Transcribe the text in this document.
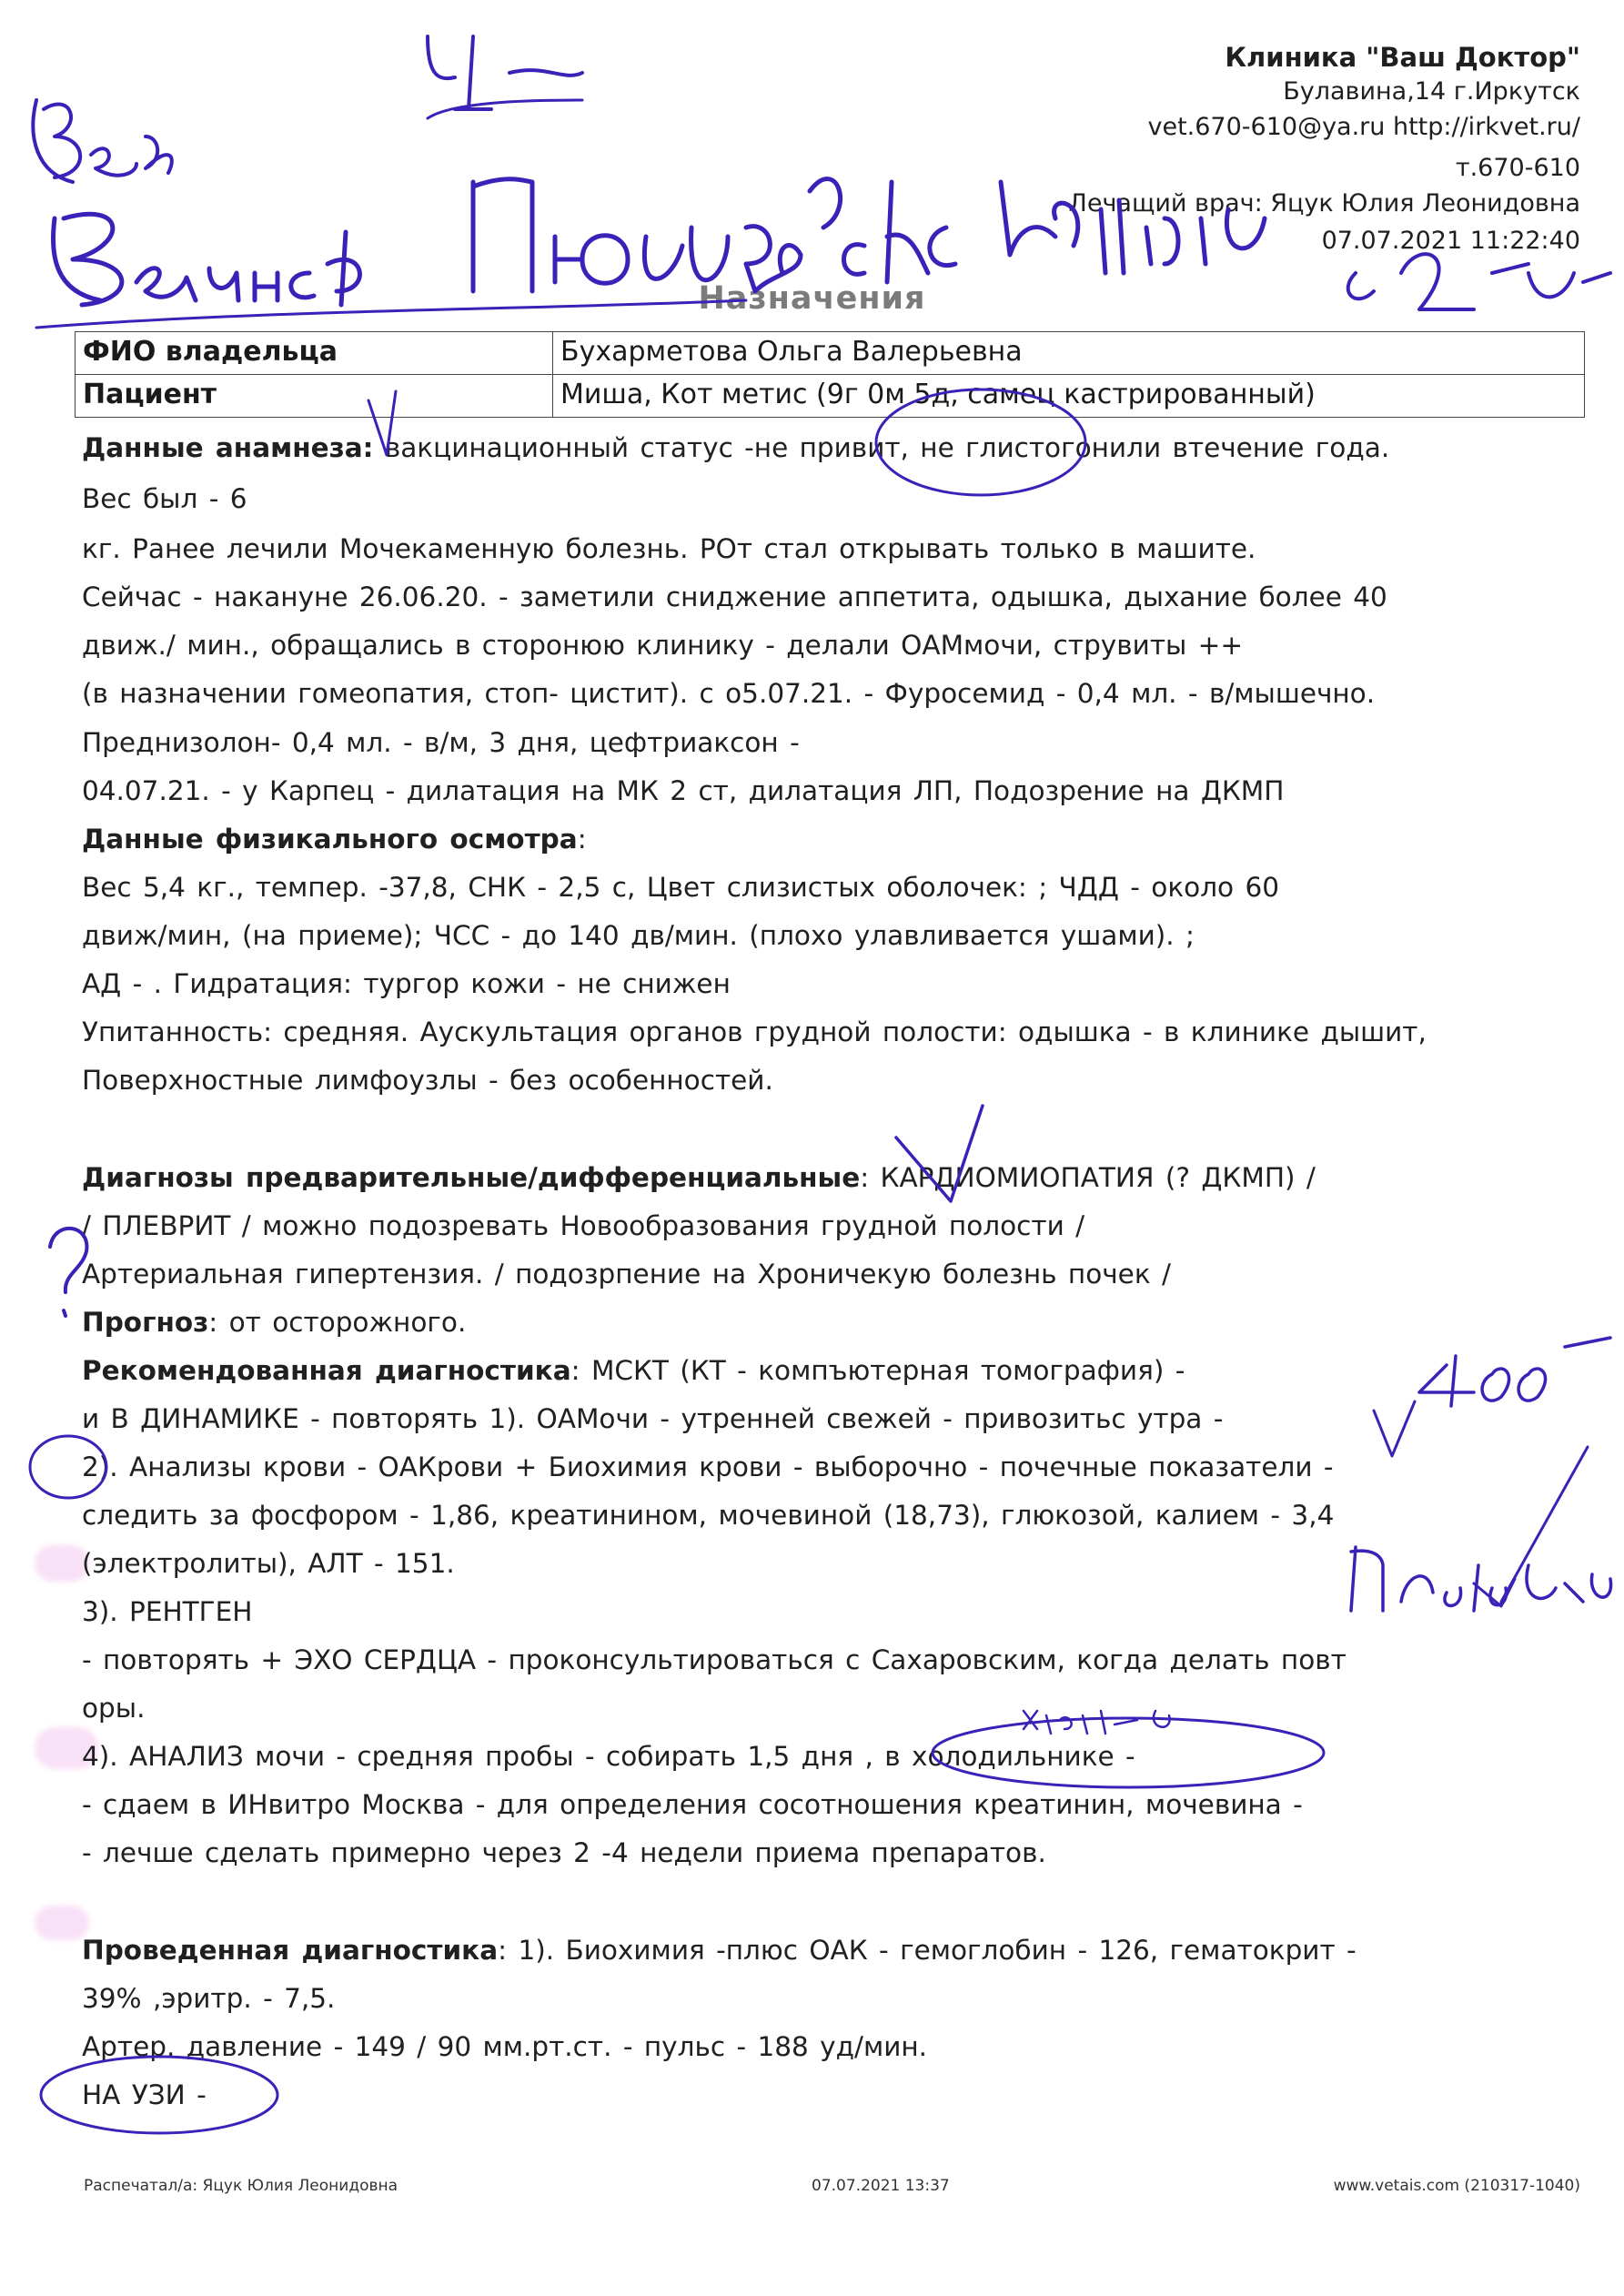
Клиника "Ваш Доктор"
Булавина,14 г.Иркутск
vet.670-610@ya.ru http://irkvet.ru/
т.670-610
Лечащий врач: Яцук Юлия Леонидовна
07.07.2021 11:22:40
Назначения
ФИО владельца	Бухарметова Ольга Валерьевна
Пациент	Миша, Кот метис (9г 0м 5д, самец кастрированный)
Данные анамнеза: вакцинационный статус -не привит, не глистогонили втечение года.
Вес был - 6
кг. Ранее лечили Мочекаменную болезнь. РОт стал открывать только в машите.
Сейчас - накануне 26.06.20. - заметили сниджение аппетита, одышка, дыхание более 40
движ./ мин., обращались в сторонюю клинику - делали ОАМмочи, струвиты ++
(в назначении гомеопатия, стоп- цистит). с о5.07.21. - Фуросемид - 0,4 мл. - в/мышечно.
Преднизолон- 0,4 мл. - в/м, 3 дня, цефтриаксон -
04.07.21. - у Карпец - дилатация на МК 2 ст, дилатация ЛП, Подозрение на ДКМП
Данные физикального осмотра:
Вес 5,4 кг., темпер. -37,8, СНК - 2,5 с, Цвет слизистых оболочек: ; ЧДД - около 60
движ/мин, (на приеме); ЧСС - до 140 дв/мин. (плохо улавливается ушами). ;
АД - . Гидратация: тургор кожи - не снижен
Упитанность: средняя. Аускультация органов грудной полости: одышка - в клинике дышит,
Поверхностные лимфоузлы - без особенностей.
Диагнозы предварительные/дифференциальные: КАРДИОМИОПАТИЯ (? ДКМП) /
/ ПЛЕВРИТ / можно подозревать Новообразования грудной полости /
Артериальная гипертензия. / подозрпение на Хроничекую болезнь почек /
Прогноз: от осторожного.
Рекомендованная диагностика: МСКТ (КТ - компъютерная томография) -
и В ДИНАМИКЕ - повторять 1). ОАМочи - утренней свежей - привозитьс утра -
2). Анализы крови - ОАКрови + Биохимия крови - выборочно - почечные показатели -
следить за фосфором - 1,86, креатинином, мочевиной (18,73), глюкозой, калием - 3,4
(электролиты), АЛТ - 151.
3). РЕНТГЕН
- повторять + ЭХО СЕРДЦА - проконсультироваться с Сахаровским, когда делать повт
оры.
4). АНАЛИЗ мочи - средняя пробы - собирать 1,5 дня , в холодильнике -
- сдаем в ИНвитро Москва - для определения сосотношения креатинин, мочевина -
- лечше сделать примерно через 2 -4 недели приема препаратов.
Проведенная диагностика: 1). Биохимия -плюс ОАК - гемоглобин - 126, гематокрит -
39% ,эритр. - 7,5.
Артер. давление - 149 / 90 мм.рт.ст. - пульс - 188 уд/мин.
НА УЗИ -
Распечатал/а: Яцук Юлия Леонидовна	07.07.2021 13:37	www.vetais.com (210317-1040)
